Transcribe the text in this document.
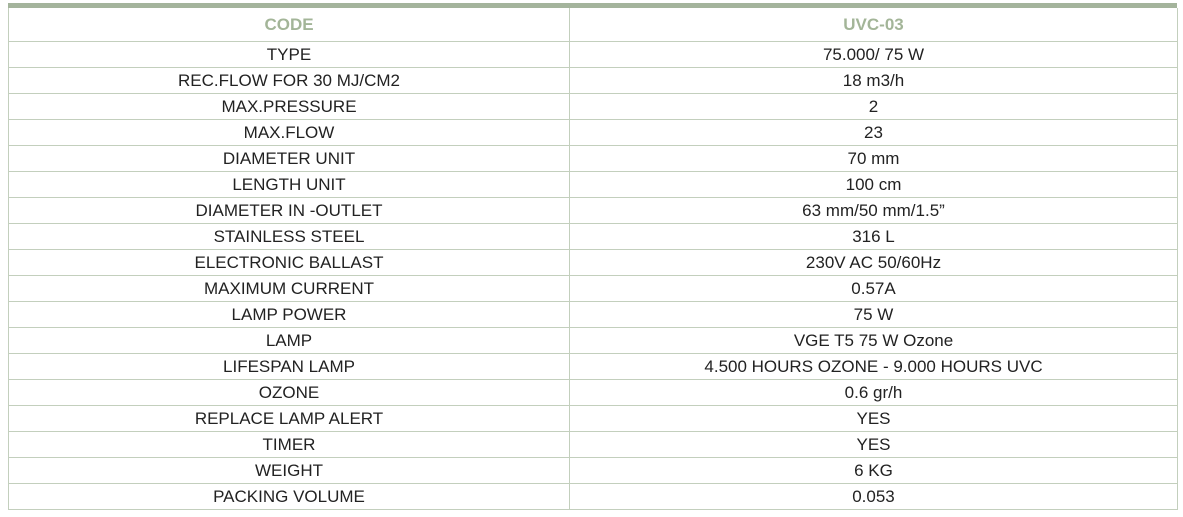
CODE	UVC-03
TYPE	75.000/ 75 W
REC.FLOW FOR 30 MJ/CM2	18 m3/h
MAX.PRESSURE	2
MAX.FLOW	23
DIAMETER UNIT	70 mm
LENGTH UNIT	100 cm
DIAMETER IN -OUTLET	63 mm/50 mm/1.5”
STAINLESS STEEL	316 L
ELECTRONIC BALLAST	230V AC 50/60Hz
MAXIMUM CURRENT	0.57A
LAMP POWER	75 W
LAMP	VGE T5 75 W Ozone
LIFESPAN LAMP	4.500 HOURS OZONE - 9.000 HOURS UVC
OZONE	0.6 gr/h
REPLACE LAMP ALERT	YES
TIMER	YES
WEIGHT	6 KG
PACKING VOLUME	0.053
